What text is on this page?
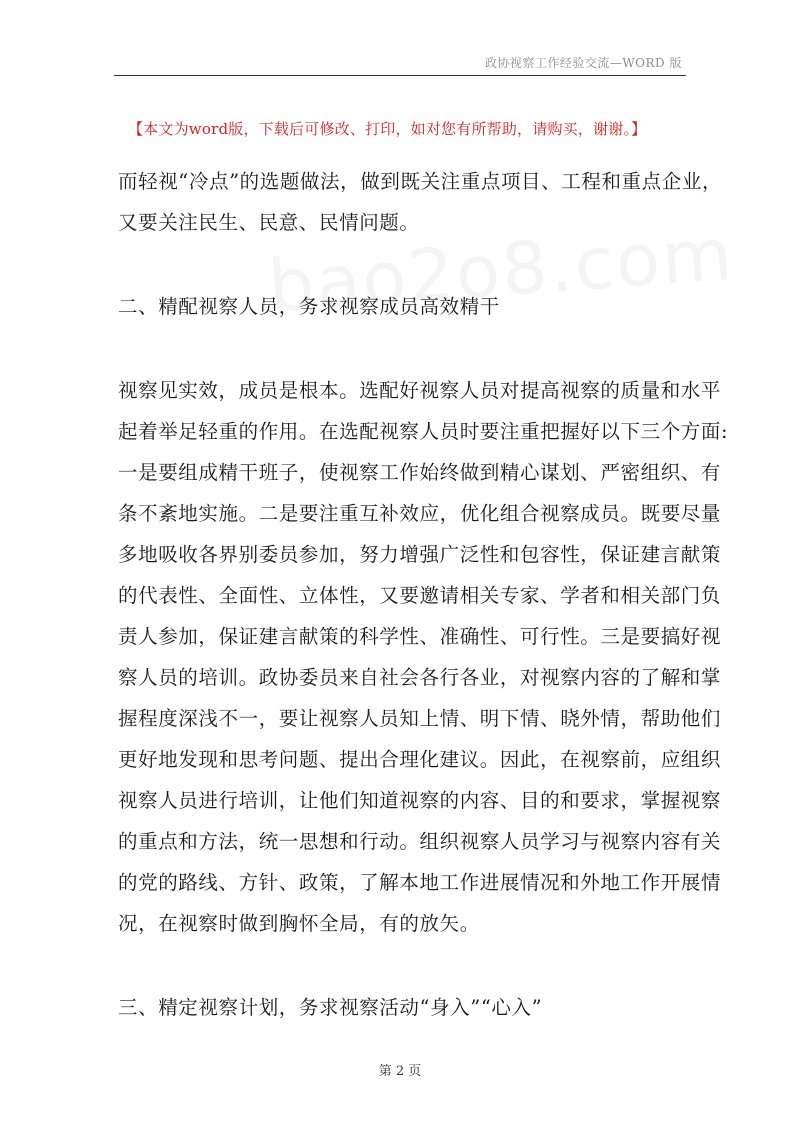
政协视察工作经验交流—WORD 版
【本文为word版，下载后可修改、打印，如对您有所帮助，请购买，谢谢。】
而轻视“冷点”的选题做法，做到既关注重点项目、工程和重点企业，
又要关注民生、民意、民情问题。
二、精配视察人员，务求视察成员高效精干
视察见实效，成员是根本。选配好视察人员对提高视察的质量和水平
起着举足轻重的作用。在选配视察人员时要注重把握好以下三个方面:
一是要组成精干班子，使视察工作始终做到精心谋划、严密组织、有
条不紊地实施。二是要注重互补效应，优化组合视察成员。既要尽量
多地吸收各界别委员参加，努力增强广泛性和包容性，保证建言献策
的代表性、全面性、立体性，又要邀请相关专家、学者和相关部门负
责人参加，保证建言献策的科学性、准确性、可行性。三是要搞好视
察人员的培训。政协委员来自社会各行各业，对视察内容的了解和掌
握程度深浅不一，要让视察人员知上情、明下情、晓外情，帮助他们
更好地发现和思考问题、提出合理化建议。因此，在视察前，应组织
视察人员进行培训，让他们知道视察的内容、目的和要求，掌握视察
的重点和方法，统一思想和行动。组织视察人员学习与视察内容有关
的党的路线、方针、政策，了解本地工作进展情况和外地工作开展情
况，在视察时做到胸怀全局，有的放矢。
三、精定视察计划，务求视察活动“身入”“心入”
第 2 页
